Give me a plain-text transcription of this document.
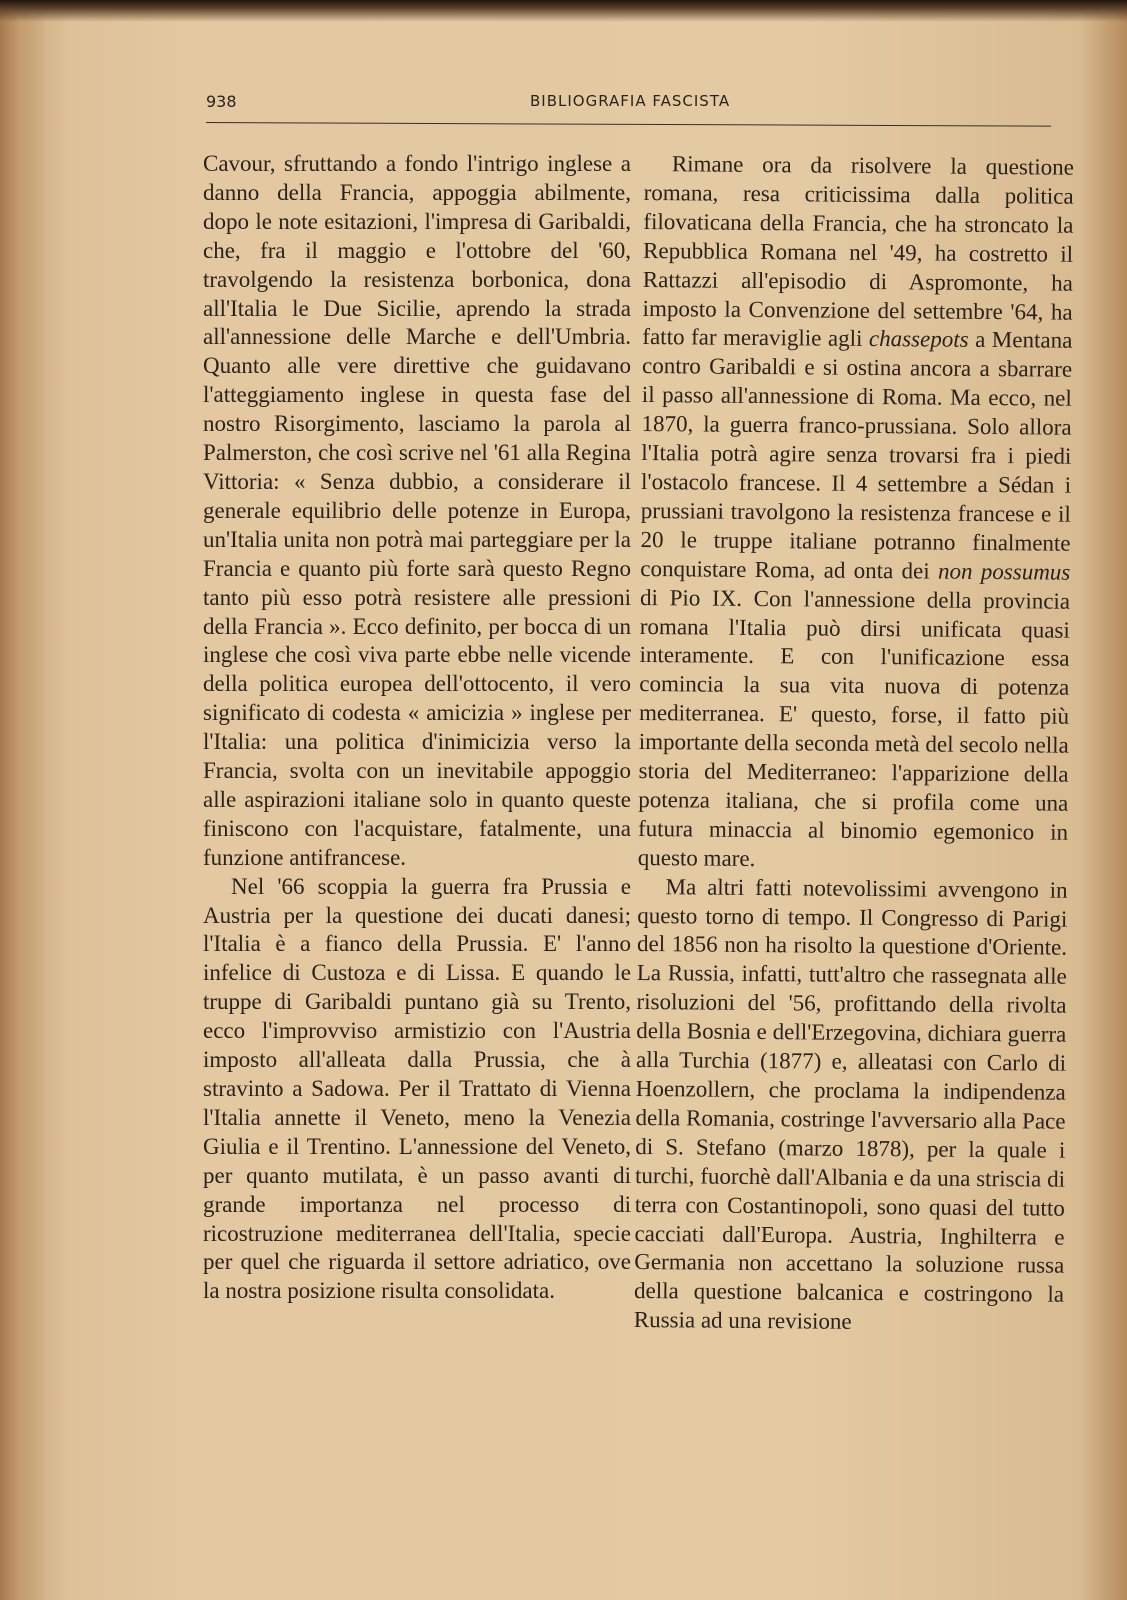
938	BIBLIOGRAFIA FASCISTA

Cavour, sfruttando a fondo l'intrigo inglese a danno della Francia, appoggia abilmente, dopo le note esitazioni, l'impresa di Garibaldi, che, fra il maggio e l'ottobre del '60, travolgendo la resistenza borbonica, dona all'Italia le Due Sicilie, aprendo la strada all'annessione delle Marche e dell'Umbria. Quanto alle vere direttive che guidavano l'atteggiamento inglese in questa fase del nostro Risorgimento, lasciamo la parola al Palmerston, che così scrive nel '61 alla Regina Vittoria: « Senza dubbio, a considerare il generale equilibrio delle potenze in Europa, un'Italia unita non potrà mai parteggiare per la Francia e quanto più forte sarà questo Regno tanto più esso potrà resistere alle pressioni della Francia ». Ecco definito, per bocca di un inglese che così viva parte ebbe nelle vicende della politica europea dell'ottocento, il vero significato di codesta « amicizia » inglese per l'Italia: una politica d'inimicizia verso la Francia, svolta con un inevitabile appoggio alle aspirazioni italiane solo in quanto queste finiscono con l'acquistare, fatalmente, una funzione antifrancese.

Nel '66 scoppia la guerra fra Prussia e Austria per la questione dei ducati danesi; l'Italia è a fianco della Prussia. E' l'anno infelice di Custoza e di Lissa. E quando le truppe di Garibaldi puntano già su Trento, ecco l'improvviso armistizio con l'Austria imposto all'alleata dalla Prussia, che à stravinto a Sadowa. Per il Trattato di Vienna l'Italia annette il Veneto, meno la Venezia Giulia e il Trentino. L'annessione del Veneto, per quanto mutilata, è un passo avanti di grande importanza nel processo di ricostruzione mediterranea dell'Italia, specie per quel che riguarda il settore adriatico, ove la nostra posizione risulta consolidata.

Rimane ora da risolvere la questione romana, resa criticissima dalla politica filovaticana della Francia, che ha stroncato la Repubblica Romana nel '49, ha costretto il Rattazzi all'episodio di Aspromonte, ha imposto la Convenzione del settembre '64, ha fatto far meraviglie agli chassepots a Mentana contro Garibaldi e si ostina ancora a sbarrare il passo all'annessione di Roma. Ma ecco, nel 1870, la guerra franco-prussiana. Solo allora l'Italia potrà agire senza trovarsi fra i piedi l'ostacolo francese. Il 4 settembre a Sédan i prussiani travolgono la resistenza francese e il 20 le truppe italiane potranno finalmente conquistare Roma, ad onta dei non possumus di Pio IX. Con l'annessione della provincia romana l'Italia può dirsi unificata quasi interamente. E con l'unificazione essa comincia la sua vita nuova di potenza mediterranea. E' questo, forse, il fatto più importante della seconda metà del secolo nella storia del Mediterraneo: l'apparizione della potenza italiana, che si profila come una futura minaccia al binomio egemonico in questo mare.

Ma altri fatti notevolissimi avvengono in questo torno di tempo. Il Congresso di Parigi del 1856 non ha risolto la questione d'Oriente. La Russia, infatti, tutt'altro che rassegnata alle risoluzioni del '56, profittando della rivolta della Bosnia e dell'Erzegovina, dichiara guerra alla Turchia (1877) e, alleatasi con Carlo di Hoenzollern, che proclama la indipendenza della Romania, costringe l'avversario alla Pace di S. Stefano (marzo 1878), per la quale i turchi, fuorchè dall'Albania e da una striscia di terra con Costantinopoli, sono quasi del tutto cacciati dall'Europa. Austria, Inghilterra e Germania non accettano la soluzione russa della questione balcanica e costringono la Russia ad una revisione
